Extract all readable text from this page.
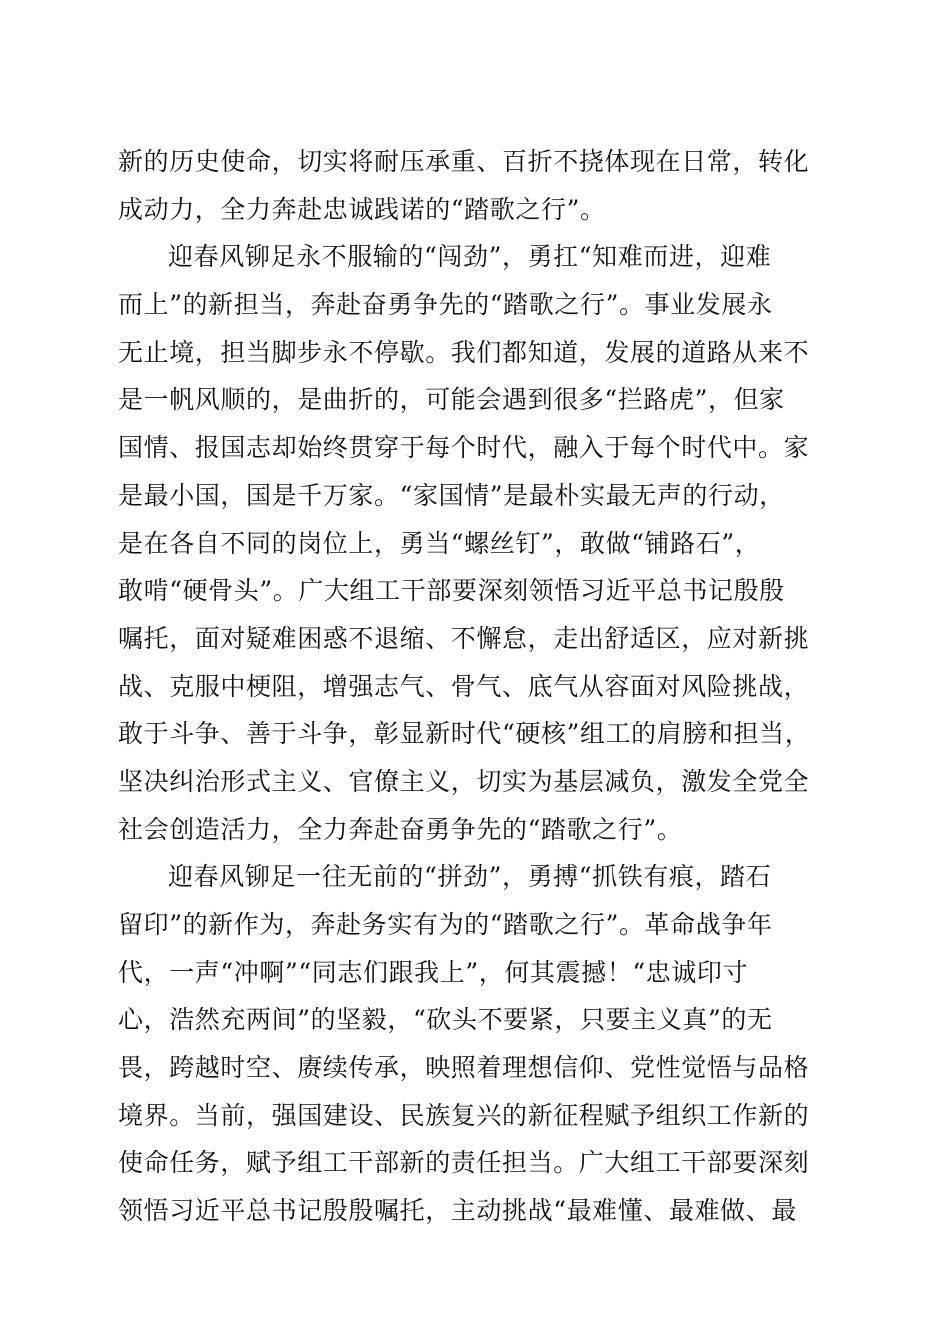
新的历史使命，切实将耐压承重、百折不挠体现在日常，转化
成动力，全力奔赴忠诚践诺的“踏歌之行”。
迎春风铆足永不服输的“闯劲”，勇扛“知难而进，迎难
而上”的新担当，奔赴奋勇争先的“踏歌之行”。事业发展永
无止境，担当脚步永不停歇。我们都知道，发展的道路从来不
是一帆风顺的，是曲折的，可能会遇到很多“拦路虎”，但家
国情、报国志却始终贯穿于每个时代，融入于每个时代中。家
是最小国，国是千万家。“家国情”是最朴实最无声的行动，
是在各自不同的岗位上，勇当“螺丝钉”，敢做“铺路石”，
敢啃“硬骨头”。广大组工干部要深刻领悟习近平总书记殷殷
嘱托，面对疑难困惑不退缩、不懈怠，走出舒适区，应对新挑
战、克服中梗阻，增强志气、骨气、底气从容面对风险挑战，
敢于斗争、善于斗争，彰显新时代“硬核”组工的肩膀和担当，
坚决纠治形式主义、官僚主义，切实为基层减负，激发全党全
社会创造活力，全力奔赴奋勇争先的“踏歌之行”。
迎春风铆足一往无前的“拼劲”，勇搏“抓铁有痕，踏石
留印”的新作为，奔赴务实有为的“踏歌之行”。革命战争年
代，一声“冲啊”“同志们跟我上”，何其震撼！“忠诚印寸
心，浩然充两间”的坚毅，“砍头不要紧，只要主义真”的无
畏，跨越时空、赓续传承，映照着理想信仰、党性觉悟与品格
境界。当前，强国建设、民族复兴的新征程赋予组织工作新的
使命任务，赋予组工干部新的责任担当。广大组工干部要深刻
领悟习近平总书记殷殷嘱托，主动挑战“最难懂、最难做、最
